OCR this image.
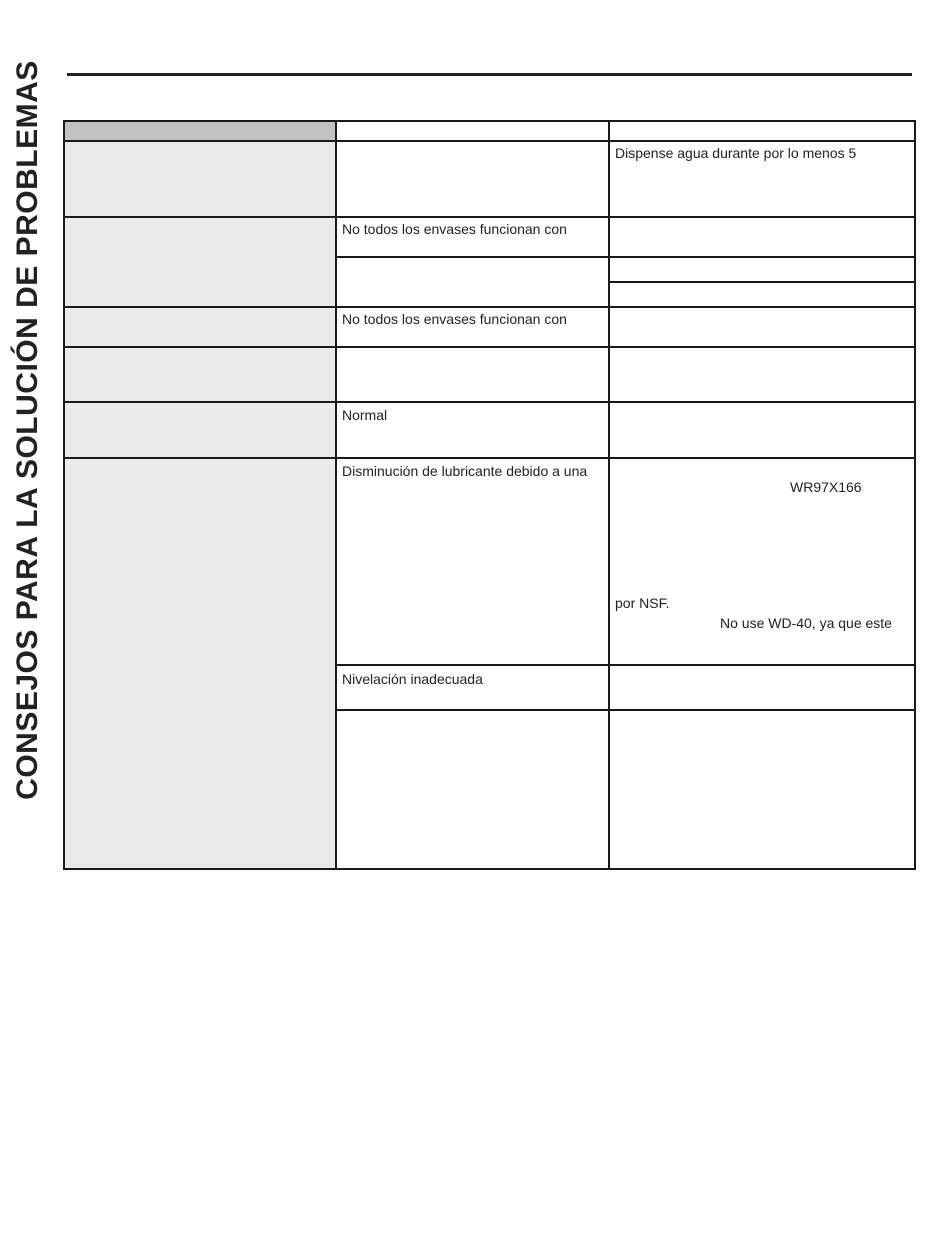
CONSEJOS PARA LA SOLUCIÓN DE PROBLEMAS	Dispense agua durante por lo menos 5
No todos los envases funcionan con
No todos los envases funcionan con
Normal
Disminución de lubricante debido a una
WR97X166
por NSF.
No use WD-40, ya que este
Nivelación inadecuada
